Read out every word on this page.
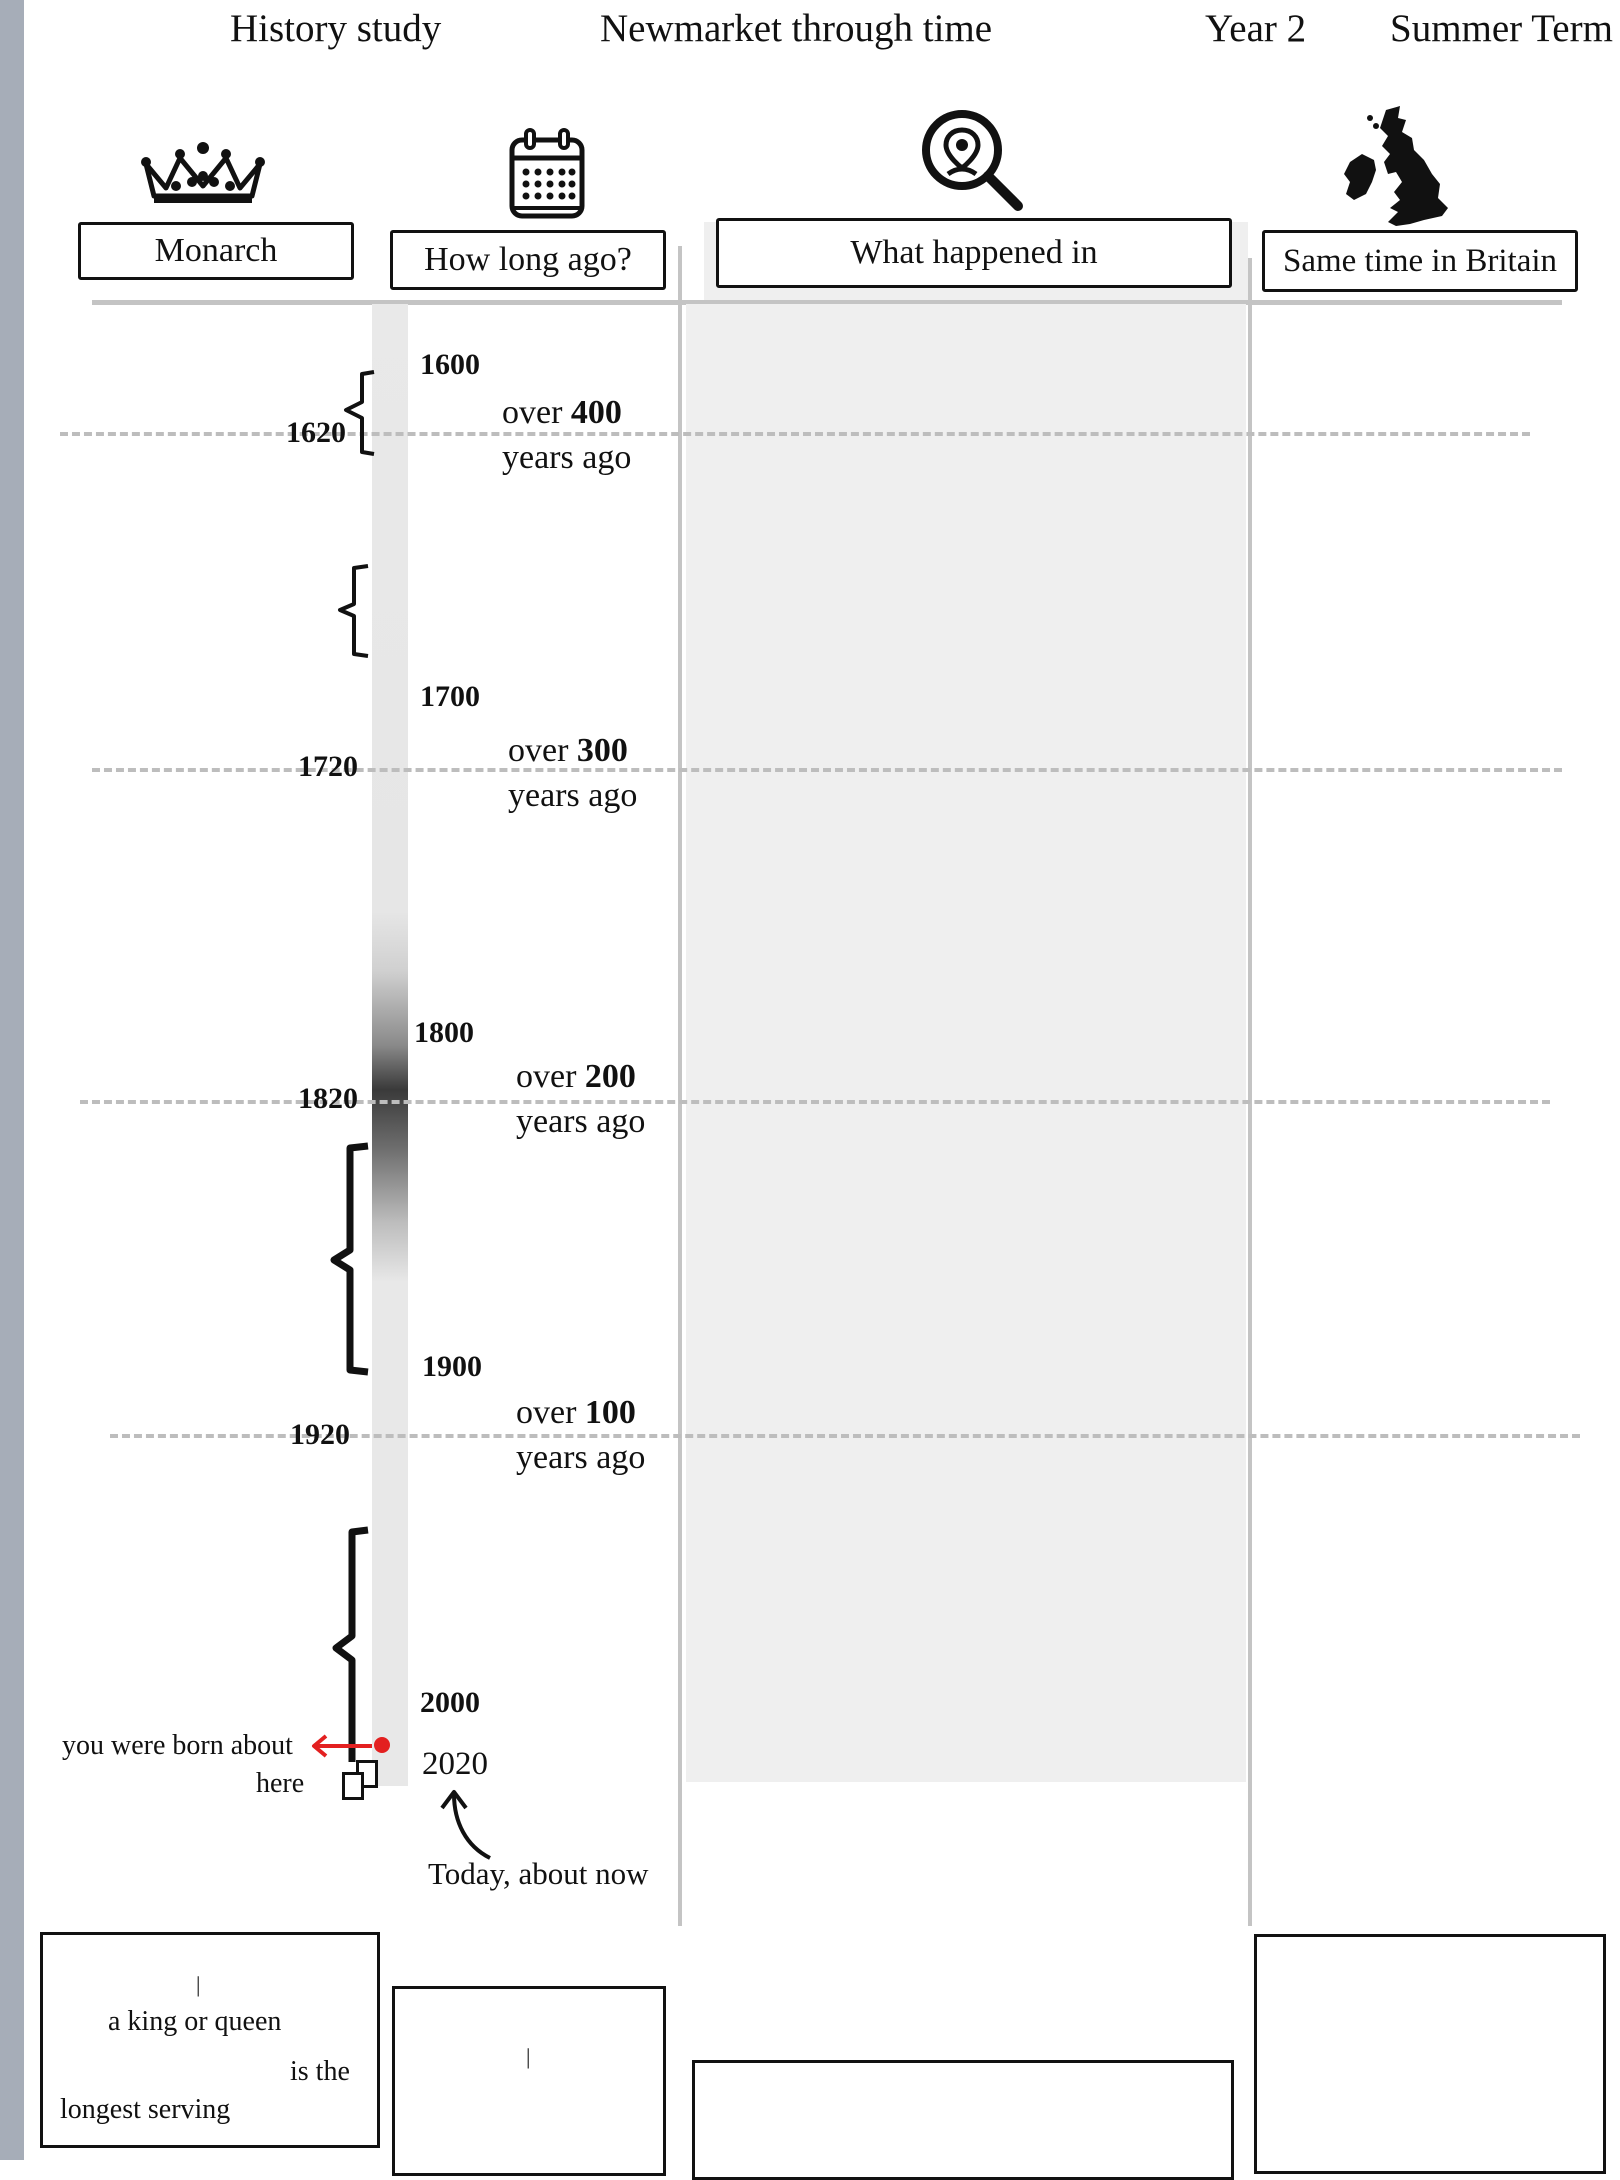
History study	Newmarket through time	Year 2 Summer Term
Monarch	How long ago?	What happened in	Same time in Britain
1600
1700
1800
1900
2000
1620
1720
1820
1920
over 400
years ago
over 300
years ago
over 200
years ago
over 100
years ago
you were born about
here
2020
Today, about now
|
a king or queen
is the
longest serving
|
